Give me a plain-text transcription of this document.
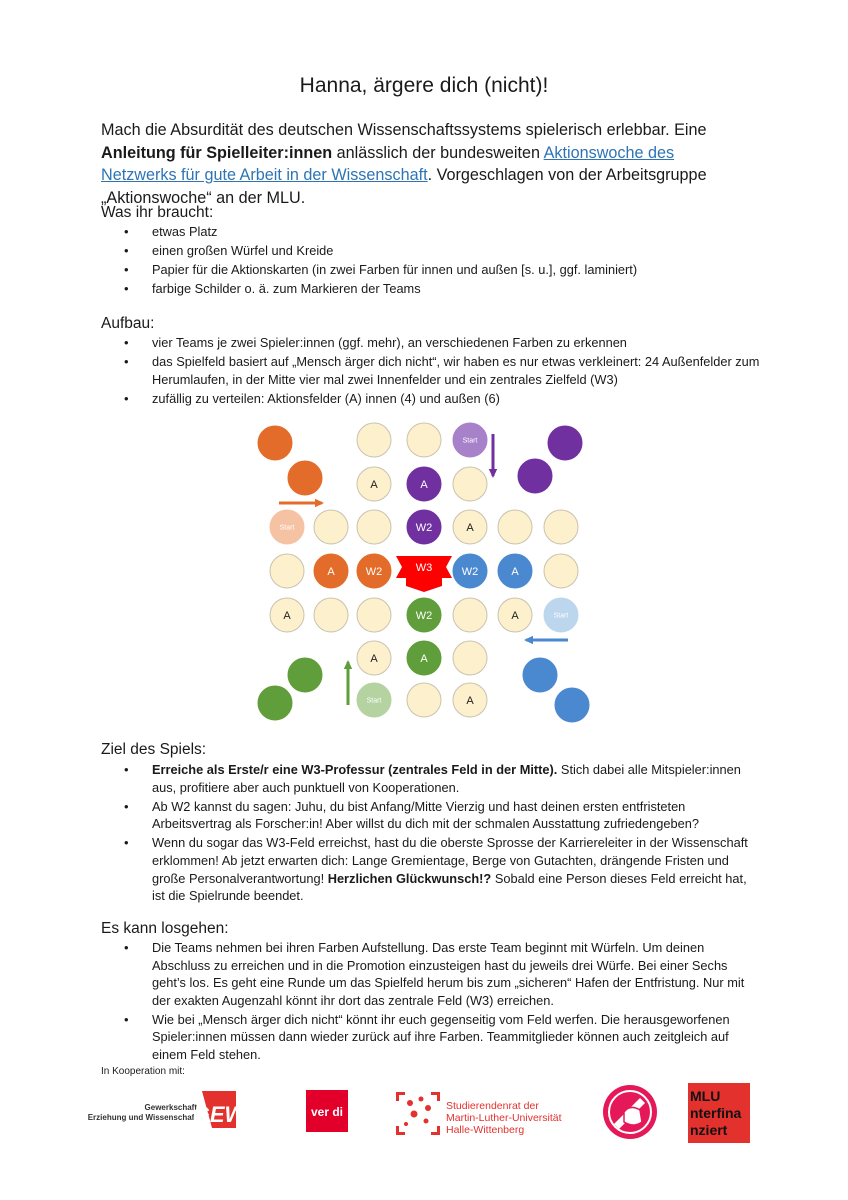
Hanna, ärgere dich (nicht)!
Mach die Absurdität des deutschen Wissenschaftssystems spielerisch erlebbar. Eine Anleitung für Spielleiter:innen anlässlich der bundesweiten Aktionswoche des Netzwerks für gute Arbeit in der Wissenschaft. Vorgeschlagen von der Arbeitsgruppe „Aktionswoche“ an der MLU.
Was ihr braucht:
• etwas Platz
• einen großen Würfel und Kreide
• Papier für die Aktionskarten (in zwei Farben für innen und außen [s. u.], ggf. laminiert)
• farbige Schilder o. ä. zum Markieren der Teams
Aufbau:
• vier Teams je zwei Spieler:innen (ggf. mehr), an verschiedenen Farben zu erkennen
• das Spielfeld basiert auf „Mensch ärger dich nicht“, wir haben es nur etwas verkleinert: 24 Außenfelder zum Herumlaufen, in der Mitte vier mal zwei Innenfelder und ein zentrales Zielfeld (W3)
• zufällig zu verteilen: Aktionsfelder (A) innen (4) und außen (6)
A
A
A	A
A
A
Start
Start
Start
Start
A
W2
A	W2	W2	A
W2
A
W3
Ziel des Spiels:
• Erreiche als Erste/r eine W3-Professur (zentrales Feld in der Mitte). Stich dabei alle Mitspieler:innen aus, profitiere aber auch punktuell von Kooperationen.
• Ab W2 kannst du sagen: Juhu, du bist Anfang/Mitte Vierzig und hast deinen ersten entfristeten Arbeitsvertrag als Forscher:in! Aber willst du dich mit der schmalen Ausstattung zufriedengeben?
• Wenn du sogar das W3-Feld erreichst, hast du die oberste Sprosse der Karriereleiter in der Wissenschaft erklommen! Ab jetzt erwarten dich: Lange Gremientage, Berge von Gutachten, drängende Fristen und große Personalverantwortung! Herzlichen Glückwunsch!? Sobald eine Person dieses Feld erreicht hat, ist die Spielrunde beendet.
Es kann losgehen:
• Die Teams nehmen bei ihren Farben Aufstellung. Das erste Team beginnt mit Würfeln. Um deinen Abschluss zu erreichen und in die Promotion einzusteigen hast du jeweils drei Würfe. Bei einer Sechs geht’s los. Es geht eine Runde um das Spielfeld herum bis zum „sicheren“ Hafen der Entfristung. Nur mit der exakten Augenzahl könnt ihr dort das zentrale Feld (W3) erreichen.
• Wie bei „Mensch ärger dich nicht“ könnt ihr euch gegenseitig vom Feld werfen. Die herausgeworfenen Spieler:innen müssen dann wieder zurück auf ihre Farben. Teammitglieder können auch zeitgleich auf einem Feld stehen.
In Kooperation mit:
Gewerkschaft
Erziehung und Wissenschaft
GEW	ver di	Studierendenrat der
Martin-Luther-Universität
Halle-Wittenberg
MLU
nterfina
nziert
